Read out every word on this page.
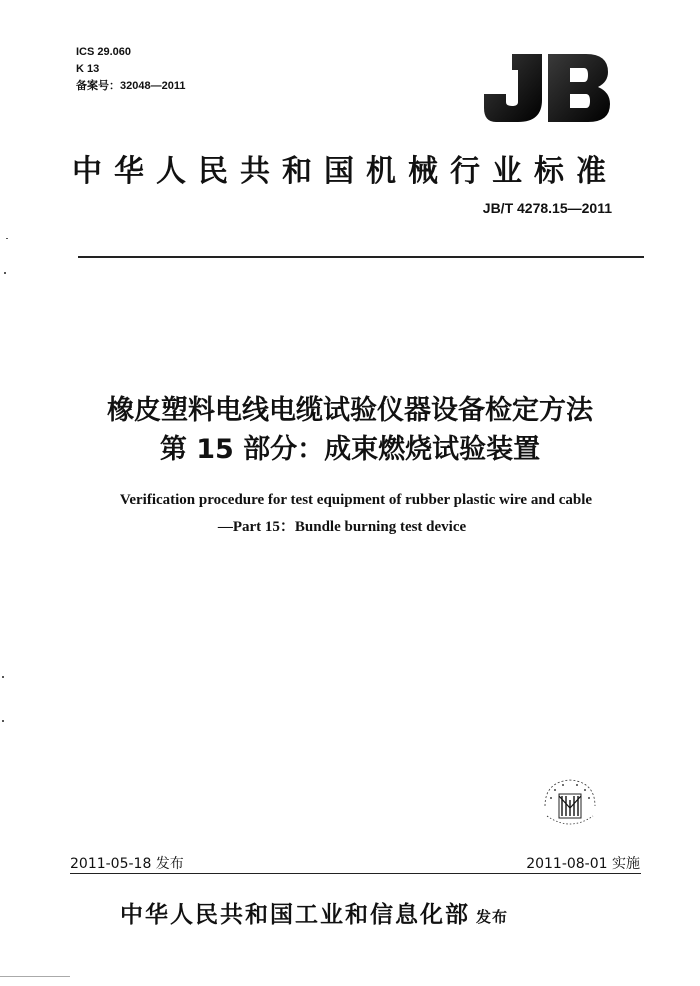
ICS 29.060
K 13
备案号：32048—2011
中华人民共和国机械行业标准
JB/T 4278.15—2011
橡皮塑料电线电缆试验仪器设备检定方法
第 15 部分：成束燃烧试验装置
Verification procedure for test equipment of rubber plastic wire and cable
—Part 15：Bundle burning test device
2011-05-18 发布	2011-08-01 实施
中华人民共和国工业和信息化部 发布
